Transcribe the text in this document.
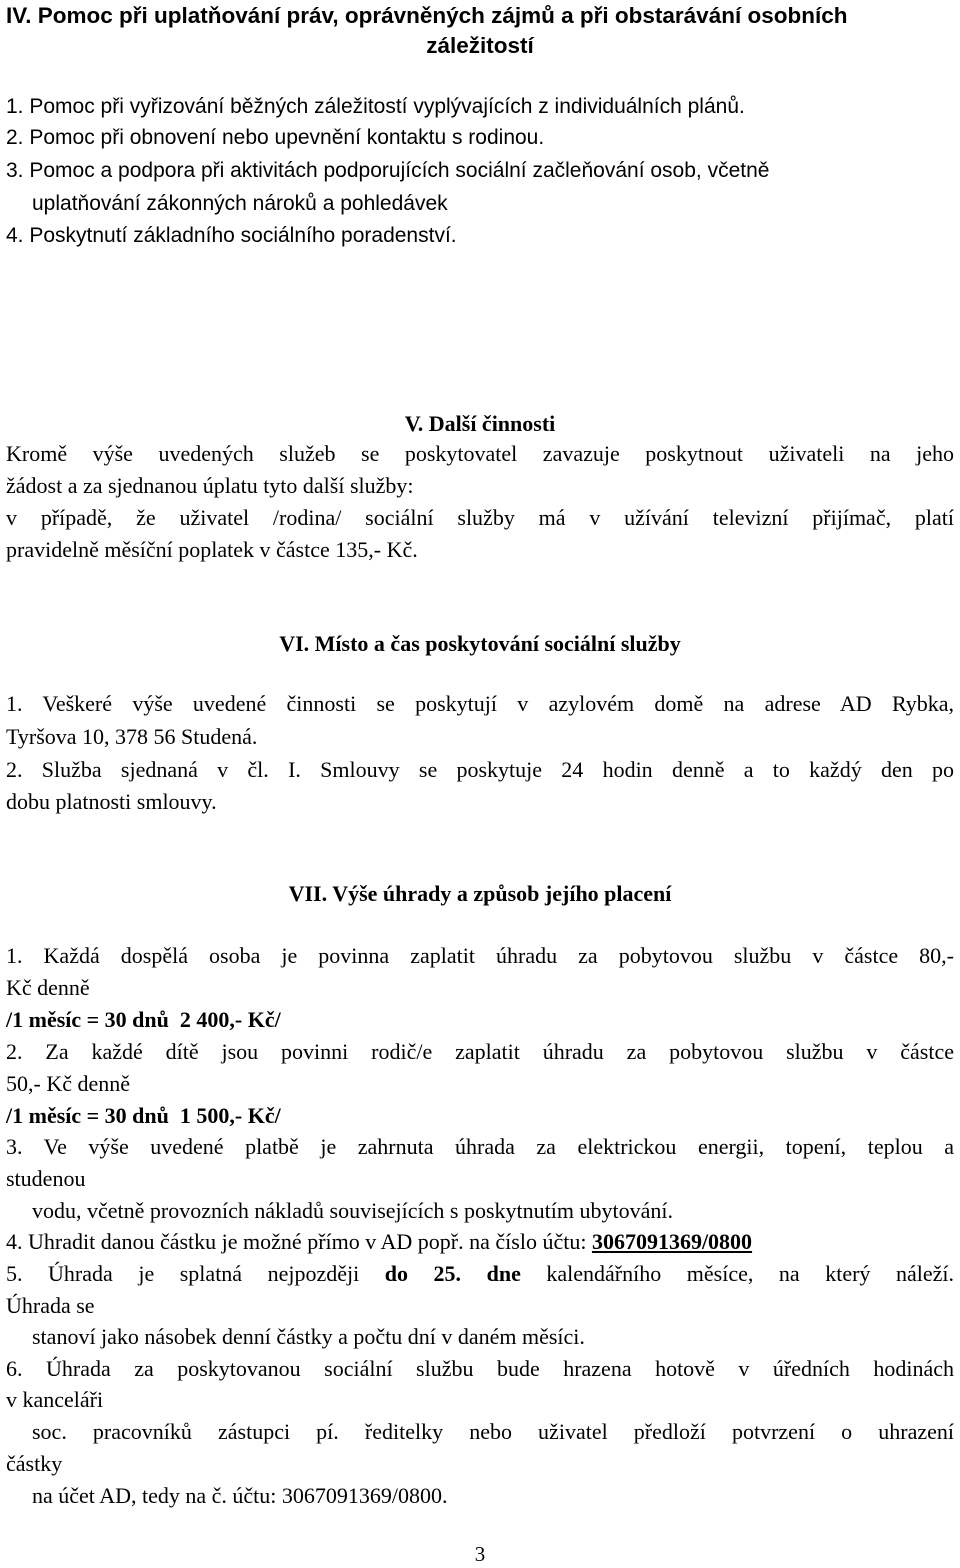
IV. Pomoc při uplatňování práv, oprávněných zájmů a při obstarávání osobních
záležitostí
1. Pomoc při vyřizování běžných záležitostí vyplývajících z individuálních plánů.
2. Pomoc při obnovení nebo upevnění kontaktu s rodinou.
3. Pomoc a podpora při aktivitách podporujících sociální začleňování osob, včetně
uplatňování zákonných nároků a pohledávek
4. Poskytnutí základního sociálního poradenství.
V. Další činnosti
Kromě výše uvedených služeb se poskytovatel zavazuje poskytnout uživateli na jeho
žádost a za sjednanou úplatu tyto další služby:
v případě, že uživatel /rodina/ sociální služby má v užívání televizní přijímač, platí
pravidelně měsíční poplatek v částce 135,- Kč.
VI. Místo a čas poskytování sociální služby
1. Veškeré výše uvedené činnosti se poskytují v azylovém domě na adrese AD Rybka,
Tyršova 10, 378 56 Studená.
2. Služba sjednaná v čl. I. Smlouvy se poskytuje 24 hodin denně a to každý den po
dobu platnosti smlouvy.
VII. Výše úhrady a způsob jejího placení
1. Každá dospělá osoba je povinna zaplatit úhradu za pobytovou službu v částce 80,-
Kč denně
/1 měsíc = 30 dnů  2 400,- Kč/
2. Za každé dítě jsou povinni rodič/e zaplatit úhradu za pobytovou službu v částce
50,- Kč denně
/1 měsíc = 30 dnů  1 500,- Kč/
3. Ve výše uvedené platbě je zahrnuta úhrada za elektrickou energii, topení, teplou a
studenou
vodu, včetně provozních nákladů souvisejících s poskytnutím ubytování.
4. Uhradit danou částku je možné přímo v AD popř. na číslo účtu: 3067091369/0800
5. Úhrada je splatná nejpozději do 25. dne kalendářního měsíce, na který náleží.
Úhrada se
stanoví jako násobek denní částky a počtu dní v daném měsíci.
6. Úhrada za poskytovanou sociální službu bude hrazena hotově v úředních hodinách
v kanceláři
soc. pracovníků zástupci pí. ředitelky nebo uživatel předloží potvrzení o uhrazení
částky
na účet AD, tedy na č. účtu: 3067091369/0800.
3
